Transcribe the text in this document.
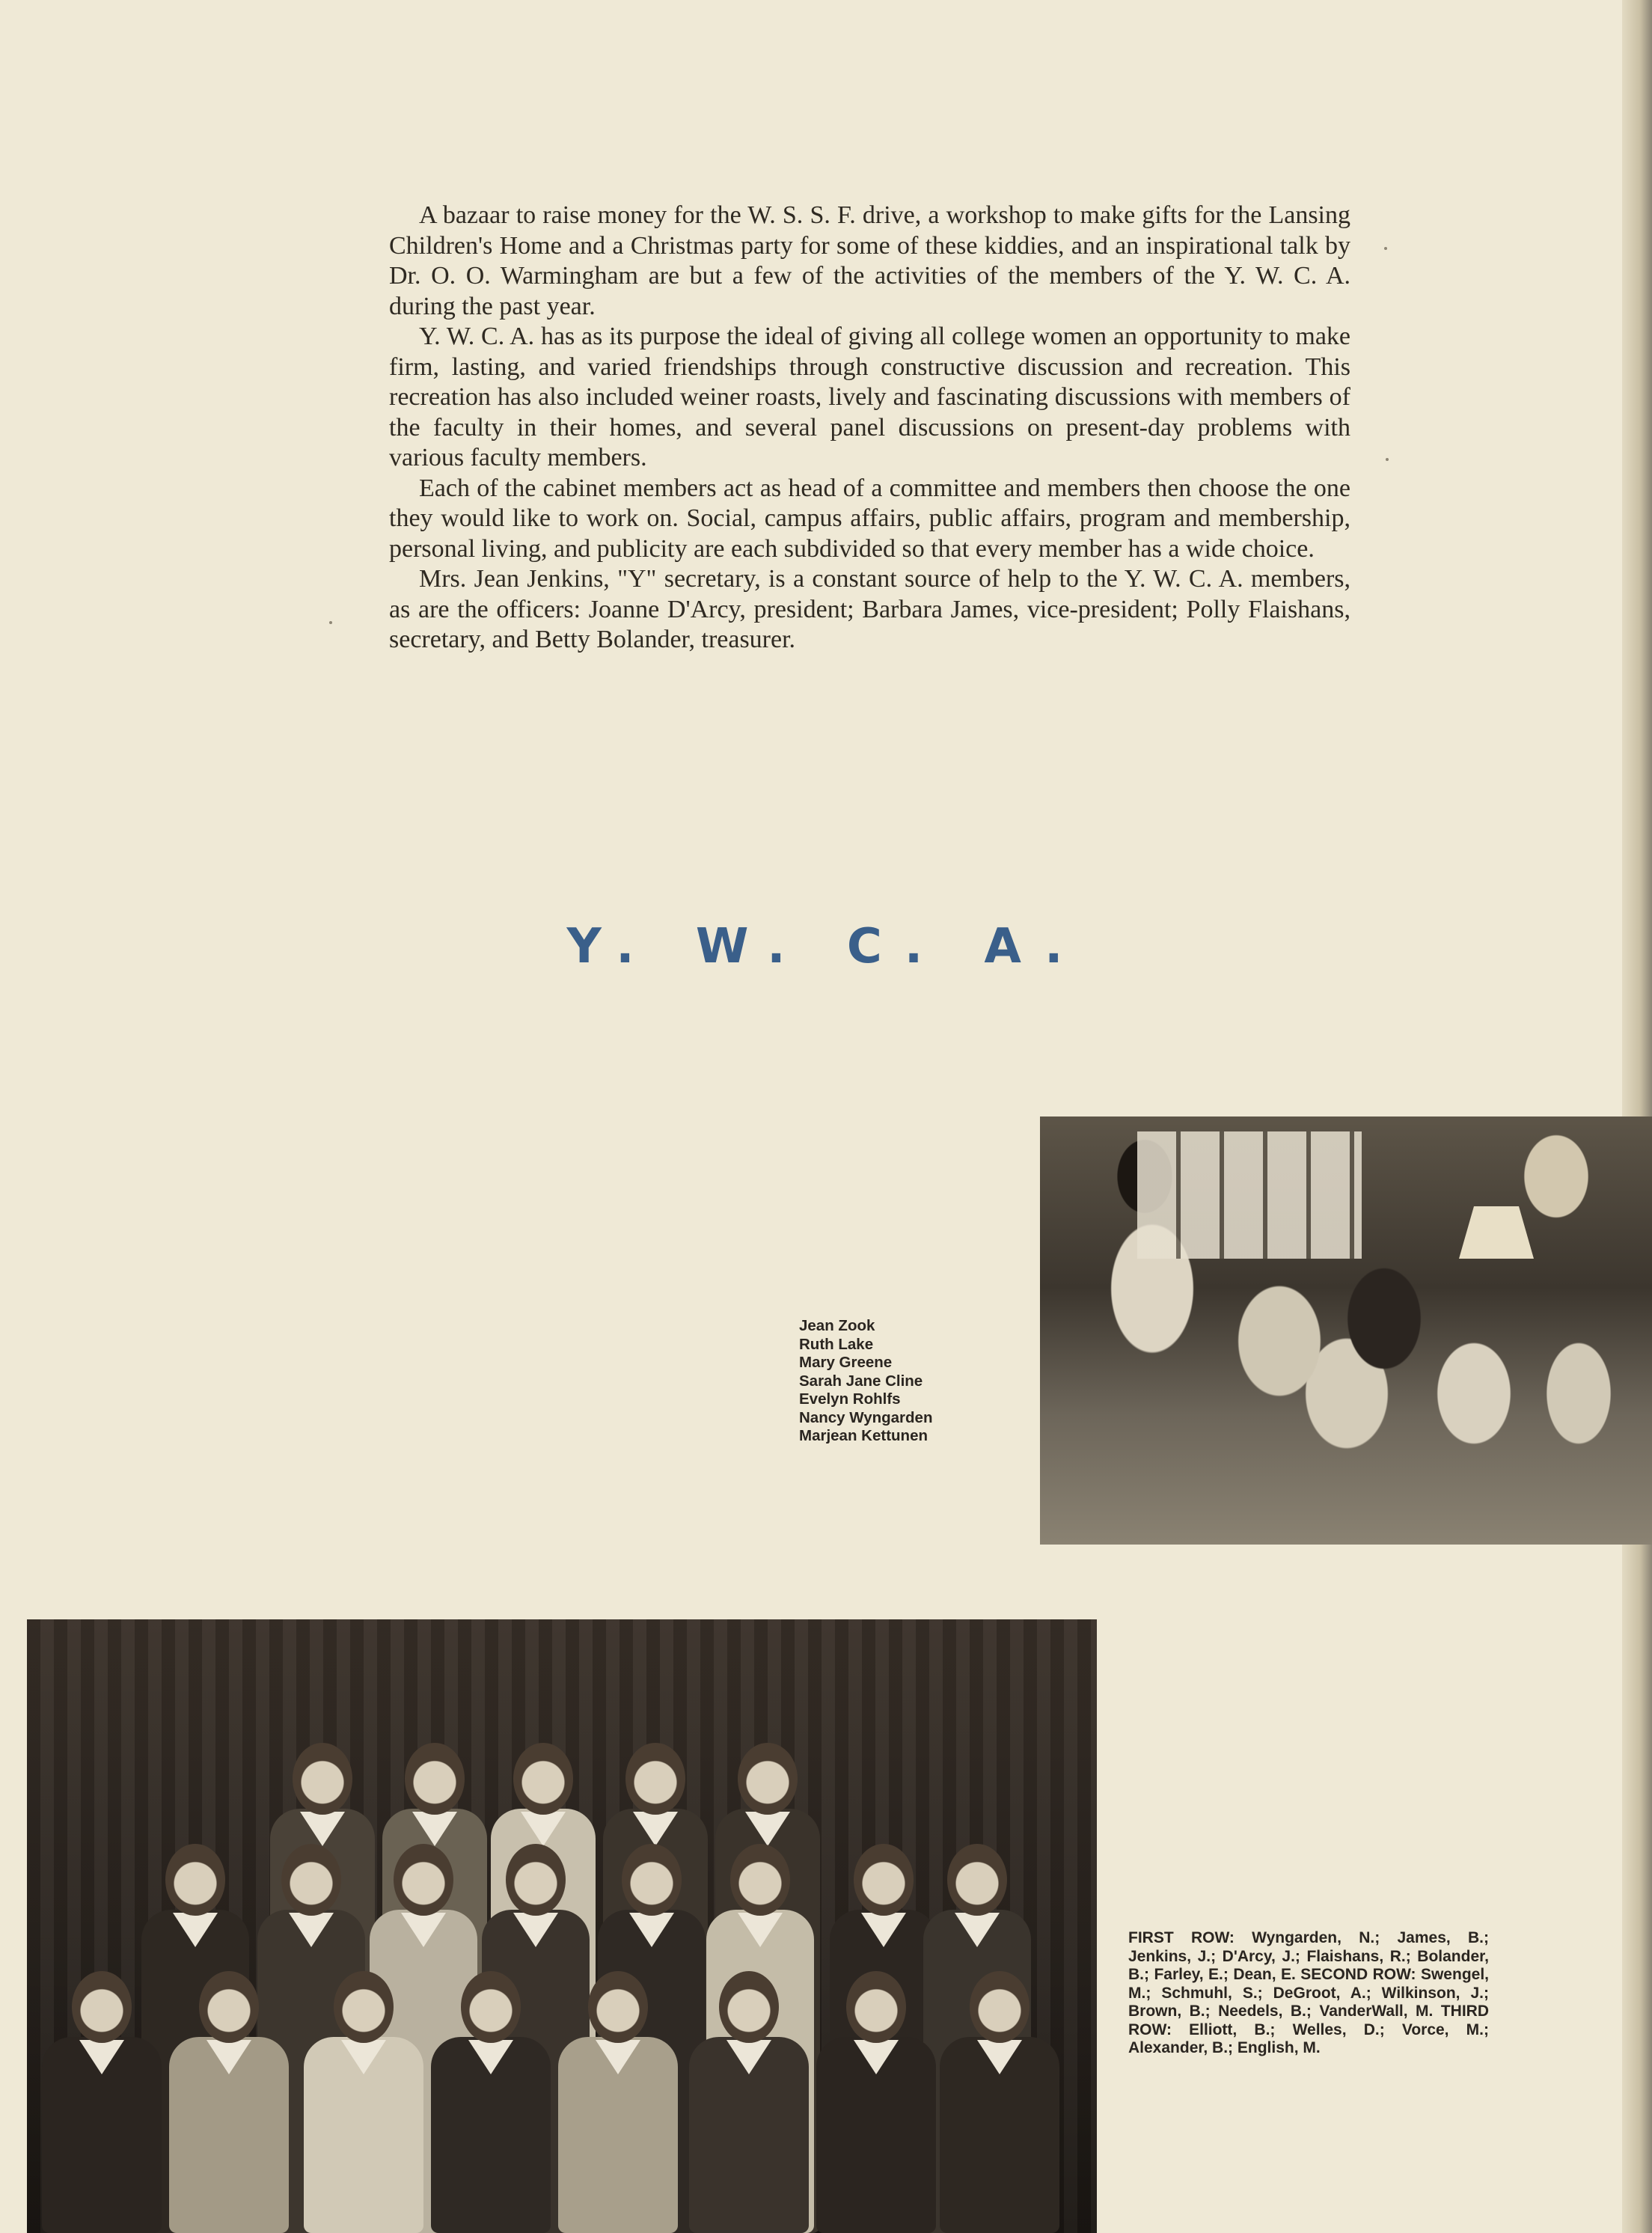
A bazaar to raise money for the W. S. S. F. drive, a workshop to make gifts for the Lansing Children's Home and a Christmas party for some of these kiddies, and an inspirational talk by Dr. O. O. Warmingham are but a few of the activities of the members of the Y. W. C. A. during the past year.

Y. W. C. A. has as its purpose the ideal of giving all college women an opportunity to make firm, lasting, and varied friendships through constructive discussion and recreation. This recreation has also included weiner roasts, lively and fascinating discussions with members of the faculty in their homes, and several panel discussions on present-day problems with various faculty members.

Each of the cabinet members act as head of a committee and members then choose the one they would like to work on. Social, campus affairs, public affairs, program and membership, personal living, and publicity are each subdivided so that every member has a wide choice.

Mrs. Jean Jenkins, "Y" secretary, is a constant source of help to the Y. W. C. A. members, as are the officers: Joanne D'Arcy, president; Barbara James, vice-president; Polly Flaishans, secretary, and Betty Bolander, treasurer.

Y. W. C. A.
Jean Zook
Ruth Lake
Mary Greene
Sarah Jane Cline
Evelyn Rohlfs
Nancy Wyngarden
Marjean Kettunen
FIRST ROW: Wyngarden, N.; James, B.; Jenkins, J.; D'Arcy, J.; Flaishans, R.; Bolander, B.; Farley, E.; Dean, E. SECOND ROW: Swengel, M.; Schmuhl, S.; DeGroot, A.; Wilkinson, J.; Brown, B.; Needels, B.; VanderWall, M. THIRD ROW: Elliott, B.; Welles, D.; Vorce, M.; Alexander, B.; English, M.
